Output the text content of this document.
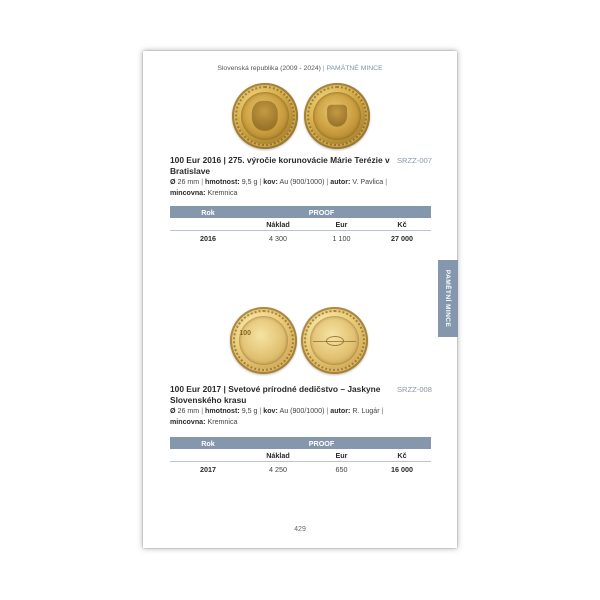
Slovenská republika (2009 - 2024) | PAMÄTNÉ MINCE
429
PAMĚTNÍ MINCE
100 Eur 2016 | 275. výročie korunovácie Márie Terézie v Bratislave
SRZZ-007
Ø 26 mm | hmotnost: 9,5 g | kov: Au (900/1000) | autor: V. Pavlica |
mincovna: Kremnica
Rok	PROOF
Náklad	Eur	Kč
2016	4 300	1 100	27 000
100
100 Eur 2017 | Svetové prírodné dedičstvo – Jaskyne Slovenského krasu
SRZZ-008
Ø 26 mm | hmotnost: 9,5 g | kov: Au (900/1000) | autor: R. Lugár |
mincovna: Kremnica
Rok	PROOF
Náklad	Eur	Kč
2017	4 250	650	16 000
